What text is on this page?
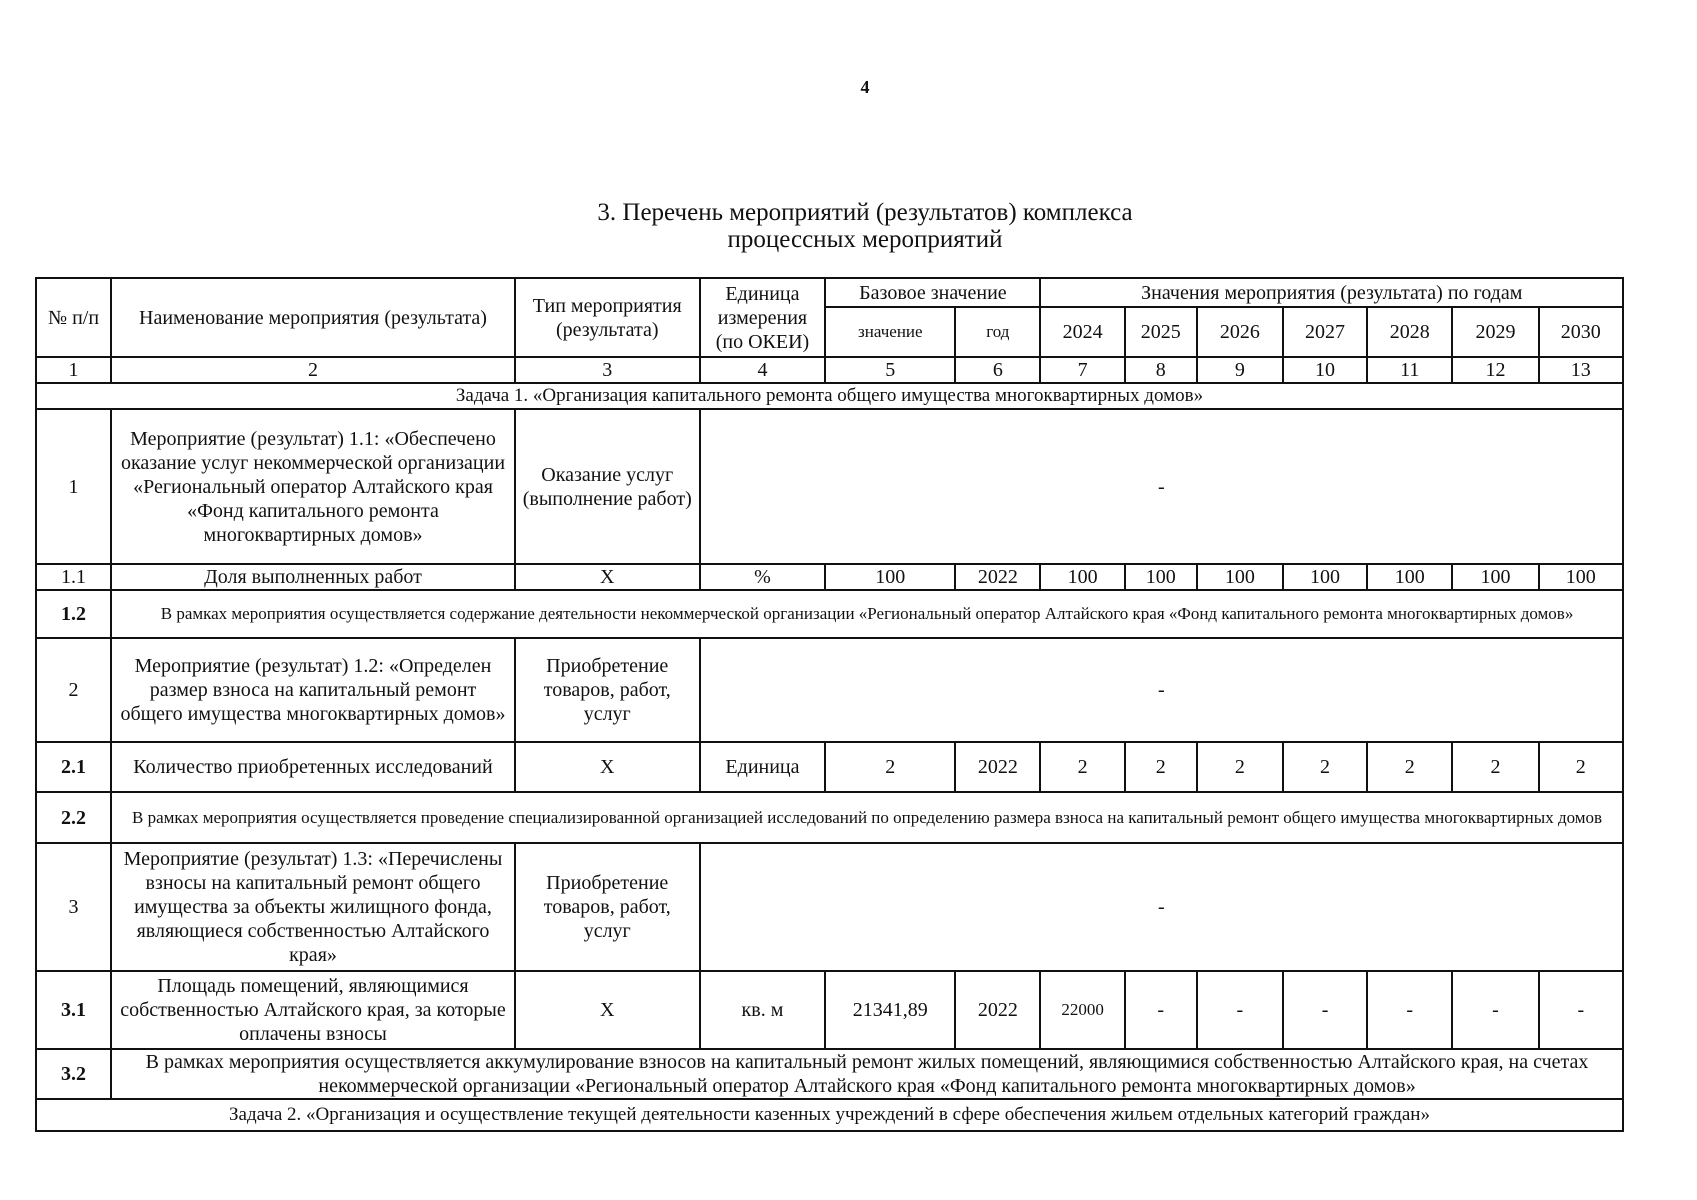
4
3. Перечень мероприятий (результатов) комплекса
процессных мероприятий
№ п/п	Наименование мероприятия (результата)	Тип мероприятия (результата)	Единица измерения (по ОКЕИ)	Базовое значение		Значения мероприятия (результата) по годам						
				значение	год	2024	2025	2026	2027	2028	2029	2030
1	2	3	4	5	6	7	8	9	10	11	12	13
Задача 1. «Организация капитального ремонта общего имущества многоквартирных домов»												
1	Мероприятие (результат) 1.1: «Обеспечено оказание услуг некоммерческой организации «Региональный оператор Алтайского края «Фонд капитального ремонта многоквартирных домов»	Оказание услуг (выполнение работ)	-									
1.1	Доля выполненных работ	X	%	100	2022	100	100	100	100	100	100	100
1.2	В рамках мероприятия осуществляется содержание деятельности некоммерческой организации «Региональный оператор Алтайского края «Фонд капитального ремонта многоквартирных домов»											
2	Мероприятие (результат) 1.2: «Определен размер взноса на капитальный ремонт общего имущества многоквартирных домов»	Приобретение товаров, работ, услуг	-									
2.1	Количество приобретенных исследований	X	Единица	2	2022	2	2	2	2	2	2	2
2.2	В рамках мероприятия осуществляется проведение специализированной организацией исследований по определению размера взноса на капитальный ремонт общего имущества многоквартирных домов											
3	Мероприятие (результат) 1.3: «Перечислены взносы на капитальный ремонт общего имущества за объекты жилищного фонда, являющиеся собственностью Алтайского края»	Приобретение товаров, работ, услуг	-									
3.1	Площадь помещений, являющимися собственностью Алтайского края, за которые оплачены взносы	X	кв. м	21341,89	2022	22000	-	-	-	-	-	-
3.2	В рамках мероприятия осуществляется аккумулирование взносов на капитальный ремонт жилых помещений, являющимися собственностью Алтайского края, на счетах некоммерческой организации «Региональный оператор Алтайского края «Фонд капитального ремонта многоквартирных домов»											
Задача 2. «Организация и осуществление текущей деятельности казенных учреждений в сфере обеспечения жильем отдельных категорий граждан»												
